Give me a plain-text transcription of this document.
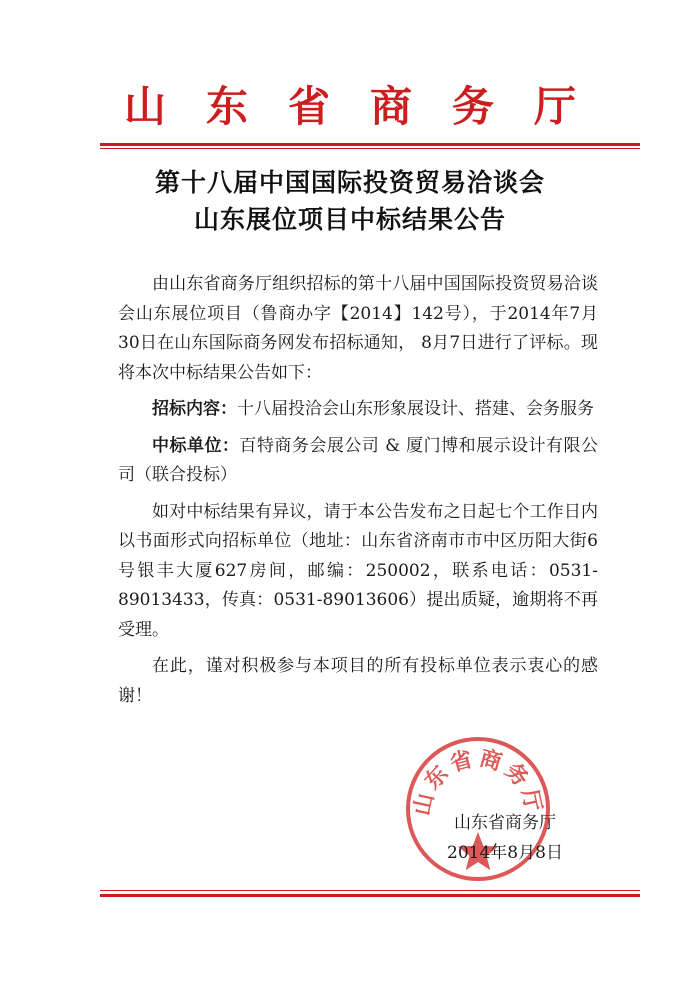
山东省商务厅
第十八届中国国际投资贸易洽谈会
山东展位项目中标结果公告

由山东省商务厅组织招标的第十八届中国国际投资贸易洽谈会山东展位项目（鲁商办字【2014】142号），于2014年7月30日在山东国际商务网发布招标通知， 8月7日进行了评标。现将本次中标结果公告如下：

招标内容：十八届投洽会山东形象展设计、搭建、会务服务

中标单位：百特商务会展公司 & 厦门博和展示设计有限公司（联合投标）

如对中标结果有异议，请于本公告发布之日起七个工作日内以书面形式向招标单位（地址：山东省济南市市中区历阳大街6号银丰大厦627房间，邮编：250002，联系电话：0531-89013433，传真：0531-89013606）提出质疑，逾期将不再受理。

在此，谨对积极参与本项目的所有投标单位表示衷心的感谢！

山东省商务厅
山东省商务厅
2014年8月8日
